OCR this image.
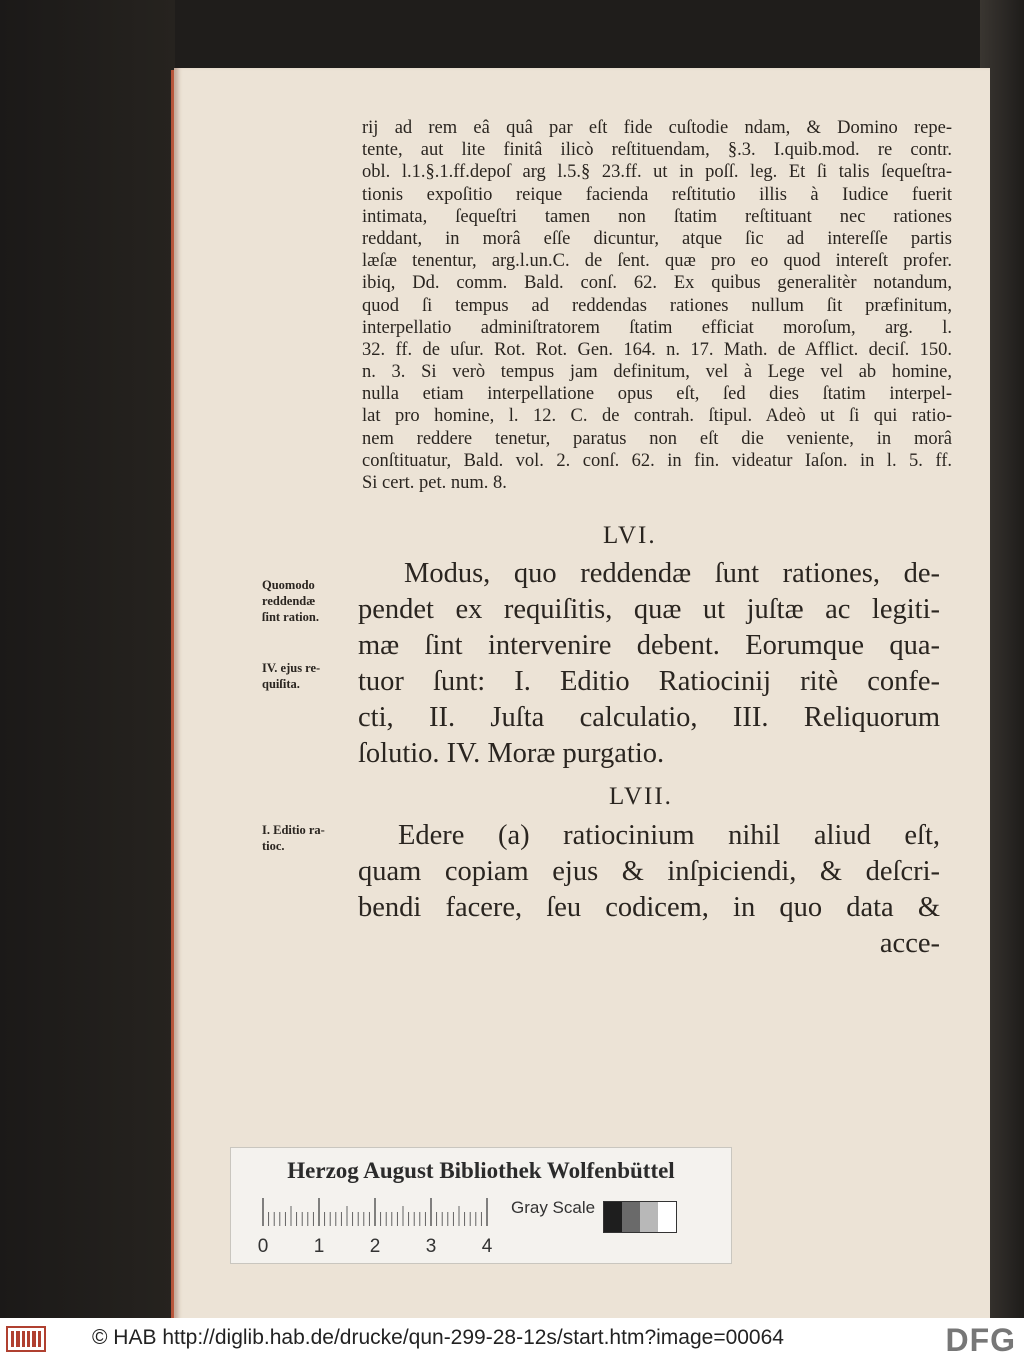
rij ad rem eâ quâ par eſt fide cuſtodie ndam, & Domino repe-
tente, aut lite finitâ ilicò reſtituendam, §.3. I.quib.mod. re contr.
obl. l.1.§.1.ff.depoſ arg l.5.§ 23.ff. ut in poſſ. leg. Et ſi talis ſequeſtra-
tionis expoſitio reique facienda reſtitutio illis à Iudice fuerit
intimata, ſequeſtri tamen non ſtatim reſtituant nec rationes
reddant, in morâ eſſe dicuntur, atque ſic ad intereſſe partis
læſæ tenentur, arg.l.un.C. de ſent. quæ pro eo quod intereſt profer.
ibiq, Dd. comm. Bald. conſ. 62. Ex quibus generalitèr notandum,
quod ſi tempus ad reddendas rationes nullum ſit præfinitum,
interpellatio adminiſtratorem ſtatim efficiat moroſum, arg. l.
32. ff. de uſur. Rot. Rot. Gen. 164. n. 17. Math. de Afflict. deciſ. 150.
n. 3. Si verò tempus jam definitum, vel à Lege vel ab homine,
nulla etiam interpellatione opus eſt, ſed dies ſtatim interpel-
lat pro homine, l. 12. C. de contrah. ſtipul. Adeò ut ſi qui ratio-
nem reddere tenetur, paratus non eſt die veniente, in morâ
conſtituatur, Bald. vol. 2. conſ. 62. in fin. videatur Iaſon. in l. 5. ff.
Si cert. pet. num. 8.
LVI.
Modus, quo reddendæ ſunt rationes, de-
pendet ex requiſitis, quæ ut juſtæ ac legiti-
mæ ſint intervenire debent. Eorumque qua-
tuor ſunt: I. Editio Ratiocinij ritè confe-
cti, II. Juſta calculatio, III. Reliquorum
ſolutio. IV. Moræ purgatio.
LVII.
Edere (a) ratiocinium nihil aliud eſt,
quam copiam ejus & inſpiciendi, & deſcri-
bendi facere, ſeu codicem, in quo data &
acce-
Quomodo
reddendæ
ſint ration.
IV. ejus re-
quiſita.
I. Editio ra-
tioc.
Herzog August Bibliothek Wolfenbüttel
Gray Scale
0 1 2 3 4
© HAB http://diglib.hab.de/drucke/qun-299-28-12s/start.htm?image=00064	DFG
